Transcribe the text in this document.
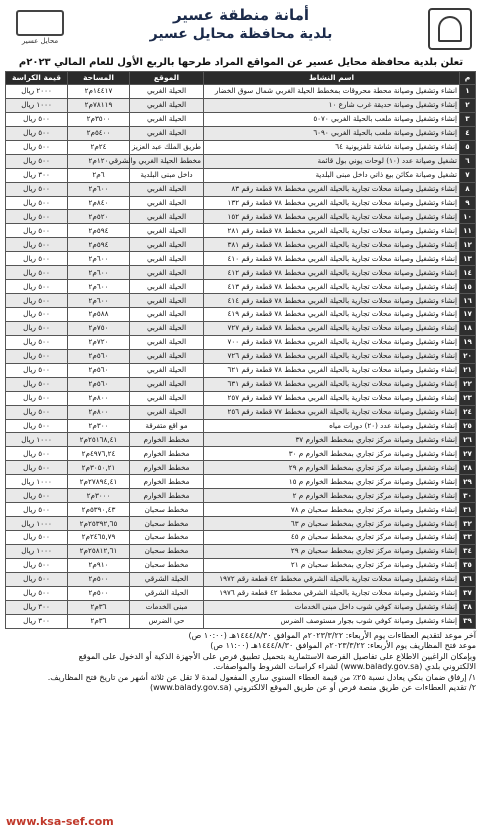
أمانة منطقة عسير
بلدية محافظة محايل عسير
محايل عسير
تعلن بلدية محافظة محايل عسير عن المواقع المراد طرحها بالربع الأول للعام المالي ٢٠٢٣م
م	اسم النشاط	الموقع	المساحة	قيمة الكراسة
١	انشاء وتشغيل وصيانة محطة محروقات بمخطط الحيلة الغربي شمال سوق الخضار	الحيلة الغربي	١٤٤١٧م٢	٢٠٠٠ ريال
٢	إنشاء وتشغيل وصيانة حديقة غرب شارع ١٠	الحيلة الغربي	٧٨١١٩م٢	١٠٠٠ ريال
٣	إنشاء وتشغيل وصيانة ملعب بالحيلة الغربي ٥٠٧٠	الحيلة الغربي	٣٥٠٠م٢	٥٠٠ ريال
٤	إنشاء وتشغيل وصيانة ملعب بالحيلة الغربي ٦٠٩٠	الحيلة الغربي	٥٤٠٠م٢	٥٠٠ ريال
٥	إنشاء وتشغيل وصيانة شاشة تلفزيونية ٦٤	طريق الملك عبد العزيز	٢٤م٢	٥٠٠ ريال
٦	تشغيل وصيانة عدد (١٠) لوحات يوني بول قائمة	مخطط الحيلة الغربي والشرقي	١٢٠م٢	٥٠٠ ريال
٧	تشغيل وصيانة مكائن بيع ذاتي داخل مبنى البلدية	داخل مبنى البلدية	٦م٢	٣٠٠ ريال
٨	إنشاء وتشغيل وصيانة محلات تجارية بالحيلة الغربي مخطط ٧٨ قطعة رقم ٨٣	الحيلة الغربي	٦٠٠م٢	٥٠٠ ريال
٩	إنشاء وتشغيل وصيانة محلات تجارية بالحيلة الغربي مخطط ٧٨ قطعة رقم ١٣٢	الحيلة الغربي	٨٤٠م٢	٥٠٠ ريال
١٠	إنشاء وتشغيل وصيانة محلات تجارية بالحيلة الغربي مخطط ٧٨ قطعة رقم ١٥٢	الحيلة الغربي	٥٢٠م٢	٥٠٠ ريال
١١	إنشاء وتشغيل وصيانة محلات تجارية بالحيلة الغربي مخطط ٧٨ قطعة رقم ٢٨١	الحيلة الغربي	٥٩٤م٢	٥٠٠ ريال
١٢	إنشاء وتشغيل وصيانة محلات تجارية بالحيلة الغربي مخطط ٧٨ قطعة رقم ٣٨١	الحيلة الغربي	٥٩٤م٢	٥٠٠ ريال
١٣	إنشاء وتشغيل وصيانة محلات تجارية بالحيلة الغربي مخطط ٧٨ قطعة رقم ٤١٠	الحيلة الغربي	٦٠٠م٢	٥٠٠ ريال
١٤	إنشاء وتشغيل وصيانة محلات تجارية بالحيلة الغربي مخطط ٧٨ قطعة رقم ٤١٢	الحيلة الغربي	٦٠٠م٢	٥٠٠ ريال
١٥	إنشاء وتشغيل وصيانة محلات تجارية بالحيلة الغربي مخطط ٧٨ قطعة رقم ٤١٣	الحيلة الغربي	٦٠٠م٢	٥٠٠ ريال
١٦	إنشاء وتشغيل وصيانة محلات تجارية بالحيلة الغربي مخطط ٧٨ قطعة رقم ٤١٤	الحيلة الغربي	٦٠٠م٢	٥٠٠ ريال
١٧	إنشاء وتشغيل وصيانة محلات تجارية بالحيلة الغربي مخطط ٧٨ قطعة رقم ٤١٩	الحيلة الغربي	٥٨٨م٢	٥٠٠ ريال
١٨	إنشاء وتشغيل وصيانة محلات تجارية بالحيلة الغربي مخطط ٧٨ قطعة رقم ٧٢٧	الحيلة الغربي	٧٥٠م٢	٥٠٠ ريال
١٩	إنشاء وتشغيل وصيانة محلات تجارية بالحيلة الغربي مخطط ٧٨ قطعة رقم ٧٠٠	الحيلة الغربي	٧٢٠م٢	٥٠٠ ريال
٢٠	إنشاء وتشغيل وصيانة محلات تجارية بالحيلة الغربي مخطط ٧٨ قطعة رقم ٧٢٦	الحيلة الغربي	٥٦٠م٢	٥٠٠ ريال
٢١	إنشاء وتشغيل وصيانة محلات تجارية بالحيلة الغربي مخطط ٧٨ قطعة رقم ٦٢١	الحيلة الغربي	٥٦٠م٢	٥٠٠ ريال
٢٢	إنشاء وتشغيل وصيانة محلات تجارية بالحيلة الغربي مخطط ٧٨ قطعة رقم ٦٣١	الحيلة الغربي	٥٦٠م٢	٥٠٠ ريال
٢٣	إنشاء وتشغيل وصيانة محلات تجارية بالحيلة الغربي مخطط ٧٧ قطعة رقم ٢٥٧	الحيلة الغربي	٨٠٠م٢	٥٠٠ ريال
٢٤	إنشاء وتشغيل وصيانة محلات تجارية بالحيلة الغربي مخطط ٧٧ قطعة رقم ٢٥٦	الحيلة الغربي	٨٠٠م٢	٥٠٠ ريال
٢٥	إنشاء وتشغيل وصيانة عدد (٢٠) دورات مياه	مو اقع متفرقة	٣٠٠م٢	٥٠٠ ريال
٢٦	إنشاء وتشغيل وصيانة مركز تجاري بمخطط الخوارم ٣٧	مخطط الخوارم	٢٥١٦٨,٤١م٢	١٠٠٠ ريال
٢٧	إنشاء وتشغيل وصيانة مركز تجاري بمخطط الخوارم م ٣٠	مخطط الخوارم	٤٩٧٦,٢٤م٢	٥٠٠ ريال
٢٨	إنشاء وتشغيل وصيانة مركز تجاري بمخطط الخوارم م ٢٩	مخطط الخوارم	٣٠٥٠,٢١م٢	٥٠٠ ريال
٢٩	إنشاء وتشغيل وصيانة مركز تجاري بمخطط الخوارم م ١٥	مخطط الخوارم	٢٧٨٩٤,٤١م٢	١٠٠٠ ريال
٣٠	إنشاء وتشغيل وصيانة مركز تجاري بمخطط الخوارم م ٢	مخطط الخوارم	٣٠٠٠م٢	٥٠٠ ريال
٣١	إنشاء وتشغيل وصيانة مركز تجاري بمخطط سحبان م ٧٨	مخطط سحبان	٥٣٩٠,٤٣م٢	٥٠٠ ريال
٣٢	إنشاء وتشغيل وصيانة مركز تجاري بمخطط سحبان م ٦٣	مخطط سحبان	٢٥٣٩٢,٦٥م٢	١٠٠٠ ريال
٣٣	إنشاء وتشغيل وصيانة مركز تجاري بمخطط سحبان م ٤٥	مخطط سحبان	٢٤٦٥,٧٩م٢	٥٠٠ ريال
٣٤	إنشاء وتشغيل وصيانة مركز تجاري بمخطط سحبان م ٢٩	مخطط سحبان	٢٥٨١٢,٦١م٢	١٠٠٠ ريال
٣٥	إنشاء وتشغيل وصيانة مركز تجاري بمخطط سحبان م ٢١	مخطط سحبان	٩١٠م٢	٥٠٠ ريال
٣٦	إنشاء وتشغيل وصيانة محلات تجارية بالحيلة الشرقي مخطط ٤٢ قطعة رقم ١٩٧٢	الحيلة الشرقي	٥٠٠م٢	٥٠٠ ريال
٣٧	إنشاء وتشغيل وصيانة محلات تجارية بالحيلة الشرقي مخطط ٤٢ قطعة رقم ١٩٧٦	الحيلة الشرقي	٥٠٠م٢	٥٠٠ ريال
٣٨	إنشاء وتشغيل وصيانة كوفي شوب داخل مبنى الخدمات	مبنى الخدمات	٣٦م٢	٣٠٠ ريال
٣٩	إنشاء وتشغيل وصيانة كوفي شوب بجوار مستوصف الضرس	حي الضرس	٣٦م٢	٣٠٠ ريال
آخر موعد لتقديم العطاءات يوم الأربعاء: ٢٠٢٣/٣/٢٢م الموافق ١٤٤٤/٨/٣٠هـ (١٠:٠٠ ص)
موعد فتح المظاريف يوم الأربعاء: ٢٠٢٣/٣/٢٢م الموافق ١٤٤٤/٨/٣٠هـ (١١:٠٠ ص)
وبإمكان الراغبين الاطلاع على تفاصيل الفرصة الاستثمارية بتحميل تطبيق فرص على الأجهزة الذكية أو الدخول على الموقع
الالكتروني بلدي (www.balady.gov.sa) لشراء كراسات الشروط والمواصفات.
١/ إرفاق ضمان بنكي يعادل نسبة ٢٥٪ من قيمة العطاء السنوي ساري المفعول لمدة لا تقل عن ثلاثة أشهر من تاريخ فتح المظاريف.
٢/ تقديم العطاءات عن طريق منصة فرص أو عن طريق الموقع الالكتروني (www.balady.gov.sa)
www.ksa-sef.com
